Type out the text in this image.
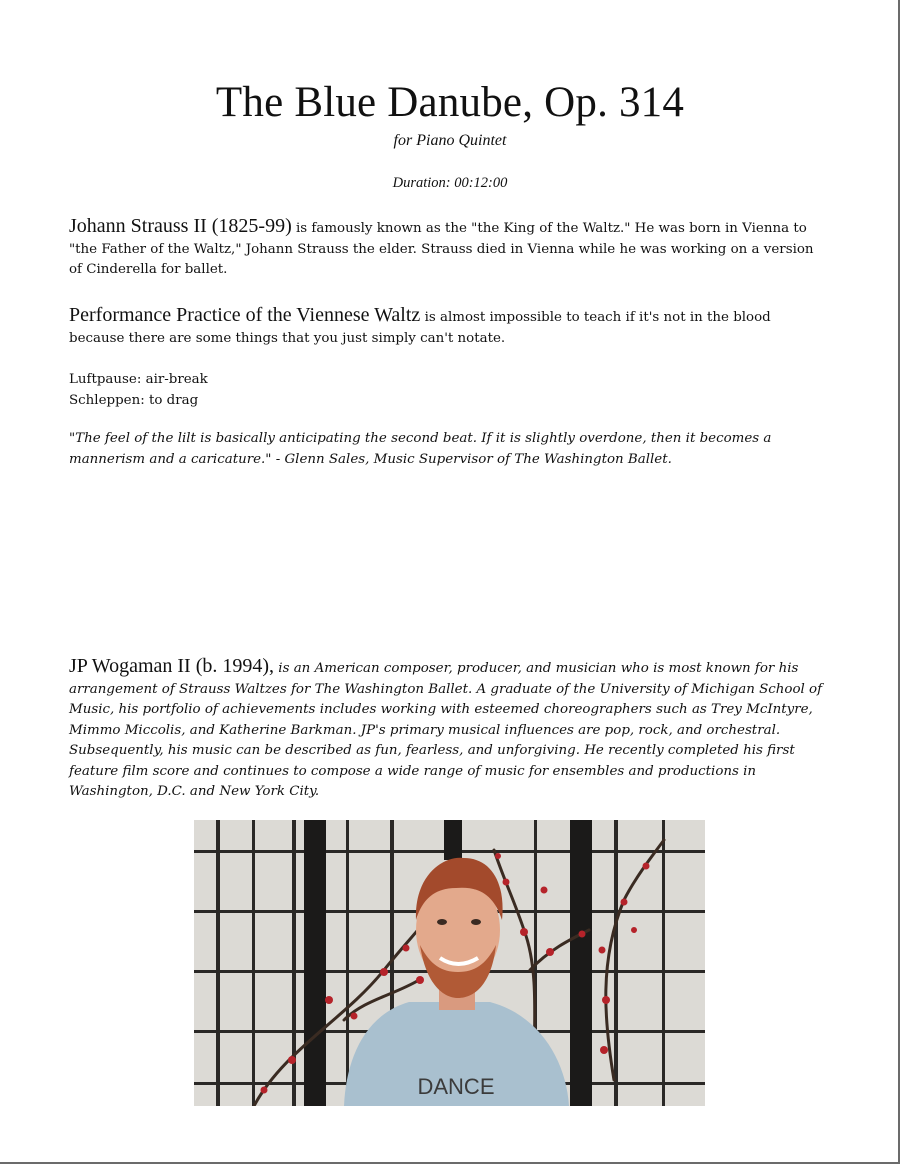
The Blue Danube, Op. 314
for Piano Quintet
Duration: 00:12:00

Johann Strauss II (1825-99) is famously known as the "the King of the Waltz." He was born in Vienna to "the Father of the Waltz," Johann Strauss the elder. Strauss died in Vienna while he was working on a version of Cinderella for ballet.

Performance Practice of the Viennese Waltz is almost impossible to teach if it's not in the blood because there are some things that you just simply can't notate.

Luftpause: air-break
Schleppen: to drag

"The feel of the lilt is basically anticipating the second beat. If it is slightly overdone, then it becomes a mannerism and a caricature." - Glenn Sales, Music Supervisor of The Washington Ballet.

JP Wogaman II (b. 1994), is an American composer, producer, and musician who is most known for his arrangement of Strauss Waltzes for The Washington Ballet. A graduate of the University of Michigan School of Music, his portfolio of achievements includes working with esteemed choreographers such as Trey McIntyre, Mimmo Miccolis, and Katherine Barkman. JP's primary musical influences are pop, rock, and orchestral. Subsequently, his music can be described as fun, fearless, and unforgiving. He recently completed his first feature film score and continues to compose a wide range of music for ensembles and productions in Washington, D.C. and New York City.

DANCE
